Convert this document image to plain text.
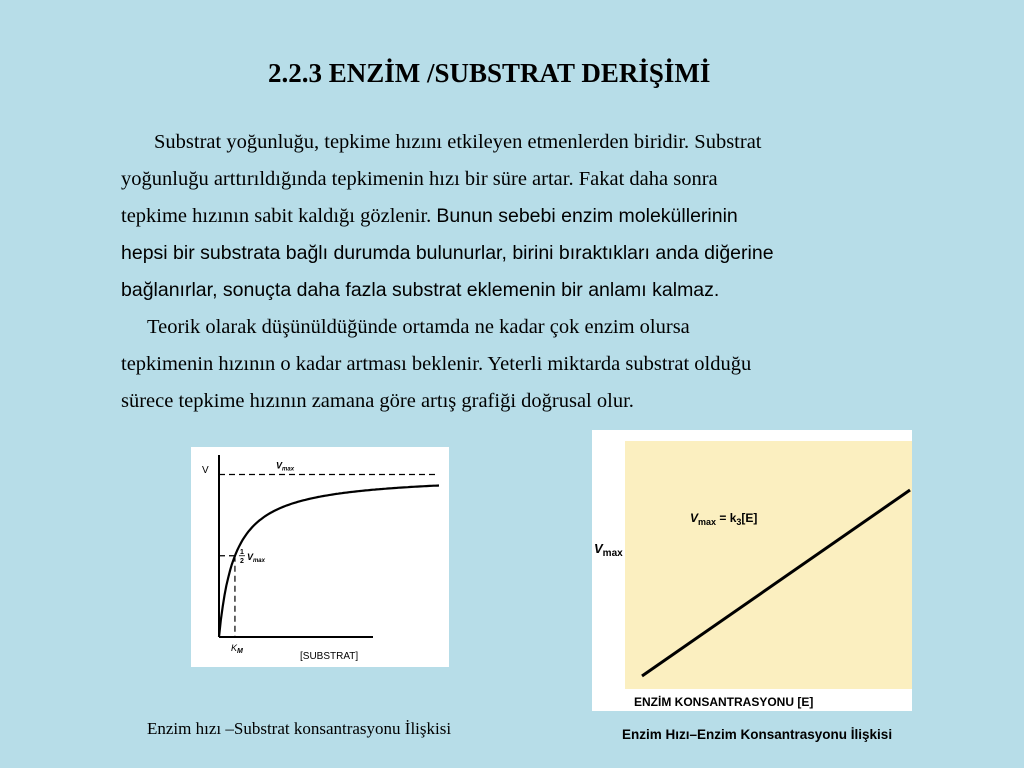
2.2.3 ENZİM /SUBSTRAT DERİŞİMİ
Substrat yoğunluğu, tepkime hızını etkileyen etmenlerden biridir. Substrat
yoğunluğu arttırıldığında tepkimenin hızı bir süre artar. Fakat daha sonra
tepkime hızının sabit kaldığı gözlenir. Bunun sebebi enzim moleküllerinin
hepsi bir substrata bağlı durumda bulunurlar, birini bıraktıkları anda diğerine
bağlanırlar, sonuçta daha fazla substrat eklemenin bir anlamı kalmaz.
Teorik olarak düşünüldüğünde ortamda ne kadar çok enzim olursa
tepkimenin hızının o kadar artması beklenir. Yeterli miktarda substrat olduğu
sürece tepkime hızının zamana göre artış grafiği doğrusal olur.
V	$V_{max}$
1
2 $V_{max}$
$K_M$	[SUBSTRAT]
$V_{max}$
$V_{max} = k_3[E]$
ENZİM KONSANTRASYONU [E]
Enzim hızı –Substrat konsantrasyonu İlişkisi	Enzim Hızı–Enzim Konsantrasyonu İlişkisi
